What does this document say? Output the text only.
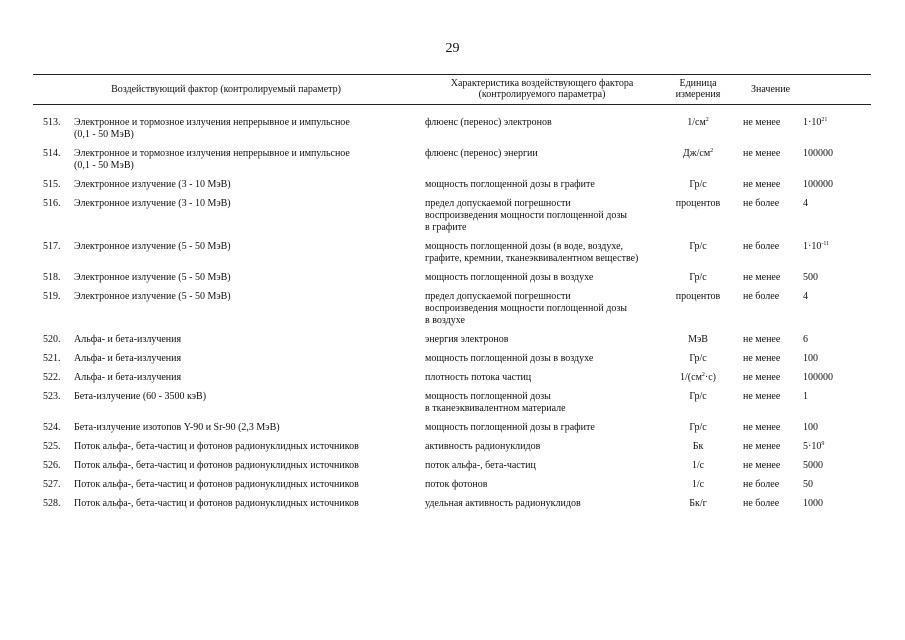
29
Воздействующий фактор (контролируемый параметр)		Характеристика воздействующего фактора
(контролируемого параметра)	Единица
измерения	Значение	
513.	Электронное и тормозное излучения непрерывное и импульсное
(0,1 - 50 МэВ)	флюенс (перенос) электронов	$1/см^2$	не менее	$1\cdot 10^{21}$
514.	Электронное и тормозное излучения непрерывное и импульсное
(0,1 - 50 МэВ)	флюенс (перенос) энергии	$Дж/см^2$	не менее	100000
515.	Электронное излучение (3 - 10 МэВ)	мощность поглощенной дозы в графите	Гр/с	не менее	100000
516.	Электронное излучение (3 - 10 МэВ)	предел допускаемой погрешности
воспроизведения мощности поглощенной дозы
в графите	процентов	не более	4
517.	Электронное излучение (5 - 50 МэВ)	мощность поглощенной дозы (в воде, воздухе,
графите, кремнии, тканеэквивалентном веществе)	Гр/с	не более	$1\cdot 10^{-11}$
518.	Электронное излучение (5 - 50 МэВ)	мощность поглощенной дозы в воздухе	Гр/с	не менее	500
519.	Электронное излучение (5 - 50 МэВ)	предел допускаемой погрешности
воспроизведения мощности поглощенной дозы
в воздухе	процентов	не более	4
520.	Альфа- и бета-излучения	энергия электронов	МэВ	не менее	6
521.	Альфа- и бета-излучения	мощность поглощенной дозы в воздухе	Гр/с	не менее	100
522.	Альфа- и бета-излучения	плотность потока частиц	$1/(см^2\cdot с)$	не менее	100000
523.	Бета-излучение (60 - 3500 кэВ)	мощность поглощенной дозы
в тканеэквивалентном материале	Гр/с	не менее	1
524.	Бета-излучение изотопов Y-90 и Sr-90 (2,3 МэВ)	мощность поглощенной дозы в графите	Гр/с	не менее	100
525.	Поток альфа-, бета-частиц и фотонов радионуклидных источников	активность радионуклидов	Бк	не менее	$5\cdot 10^9$
526.	Поток альфа-, бета-частиц и фотонов радионуклидных источников	поток альфа-, бета-частиц	1/с	не менее	5000
527.	Поток альфа-, бета-частиц и фотонов радионуклидных источников	поток фотонов	1/с	не более	50
528.	Поток альфа-, бета-частиц и фотонов радионуклидных источников	удельная активность радионуклидов	Бк/г	не более	1000
